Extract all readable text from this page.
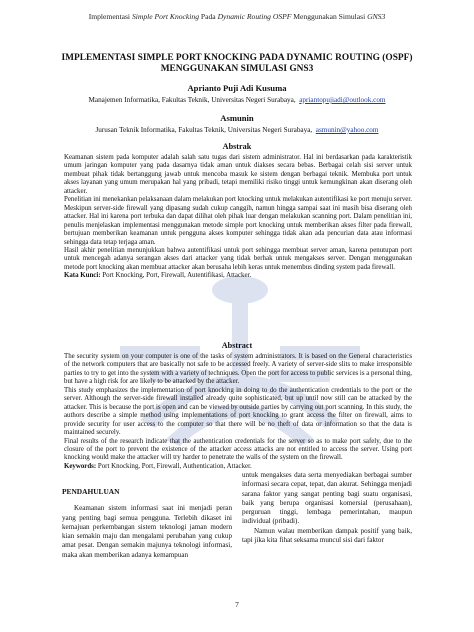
Implementasi Simple Port Knocking Pada Dynamic Routing OSPF Menggunakan Simulasi GNS3
IMPLEMENTASI SIMPLE PORT KNOCKING PADA DYNAMIC ROUTING (OSPF)
MENGGUNAKAN SIMULASI GNS3
Aprianto Puji Adi Kusuma
Manajemen Informatika, Fakultas Teknik, Universitas Negeri Surabaya, apriantopujiadi@outlook.com
Asmunin
Jurusan Teknik Informatika, Fakultas Teknik, Universitas Negeri Surabaya, asmunin@yahoo.com
Abstrak

Keamanan sistem pada komputer adalah salah satu tugas dari sistem administrator. Hal ini berdasarkan pada karakteristik umum jaringan komputer yang pada dasarnya tidak aman untuk diakses secara bebas. Berbagai celah sisi server untuk membuat pihak tidak bertanggung jawab untuk mencoba masuk ke sistem dengan berbagai teknik. Membuka port untuk akses layanan yang umum merupakan hal yang pribadi, tetapi memiliki risiko tinggi untuk kemungkinan akan diserang oleh attacker.

Penelitian ini menekankan pelaksanaan dalam melakukan port knocking untuk melakukan autentifikasi ke port menuju server. Meskipun server-side firewall yang dipasang sudah cukup canggih, namun hingga sampai saat ini masih bisa diserang oleh attacker. Hal ini karena port terbuka dan dapat dilihat oleh pihak luar dengan melakukan scanning port. Dalam penelitian ini, penulis menjelaskan implementasi menggunakan metode simple port knocking untuk memberikan akses filter pada firewall, bertujuan memberikan keamanan untuk pengguna akses komputer sehingga tidak akan ada pencurian data atau informasi sehingga data tetap terjaga aman.

Hasil akhir penelitian menunjukkan bahwa autentifikasi untuk port sehingga membuat server aman, karena penutupan port untuk mencegah adanya serangan akses dari attacker yang tidak berhak untuk mengakses server. Dengan menggunakan metode port knocking akan membuat attacker akan berusaha lebih keras untuk menembus dinding system pada firewall.

Kata Kunci: Port Knocking, Port, Firewall, Autentifikasi, Attacker.

Abstract

The security system on your computer is one of the tasks of system administrators. It is based on the General characteristics of the network computers that are basically not safe to be accessed freely. A variety of server-side slits to make irresponsible parties to try to get into the system with a variety of techniques. Open the port for access to public services is a personal thing, but have a high risk for are likely to be attacked by the attacker.

This study emphasizes the implementation of port knocking in doing to do the authentication credentials to the port or the server. Although the server-side firewall installed already quite sophisticated, but up until now still can be attacked by the attacker. This is because the port is open and can be viewed by outside parties by carrying out port scanning. In this study, the authors describe a simple method using implementations of port knocking to grant access the filter on firewall, aims to provide security for user access to the computer so that there will be no theft of data or information so that the data is maintained securely.

Final results of the research indicate that the authentication credentials for the server so as to make port safely, due to the closure of the port to prevent the existence of the attacker access attacks are not entitled to access the server. Using port knocking would make the attacker will try harder to penetrate the walls of the system on the firewall.

Keywords: Port Knocking, Port, Firewall, Authentication, Attacker.

PENDAHULUAN

Keamanan sistem informasi saat ini menjadi peran yang penting bagi semua pengguna. Terlebih dikaset ini kemajuan perkembangan sistem teknologi jaman modern kian semakin maju dan mengalami perubahan yang cukup amat pesat. Dengan semakin majunya teknologi informasi, maka akan memberikan adanya kemampuan

untuk mengakses data serta menyediakan berbagai sumber informasi secara cepat, tepat, dan akurat. Sehingga menjadi sarana faktor yang sangat penting bagi suatu organisasi, baik yang berupa organisasi komersial (perusahaan), perguruan tinggi, lembaga pemerintahan, maupun individual (pribadi).

Namun walau memberikan dampak positif yang baik, tapi jika kita fihat seksama muncul sisi dari faktor

7
